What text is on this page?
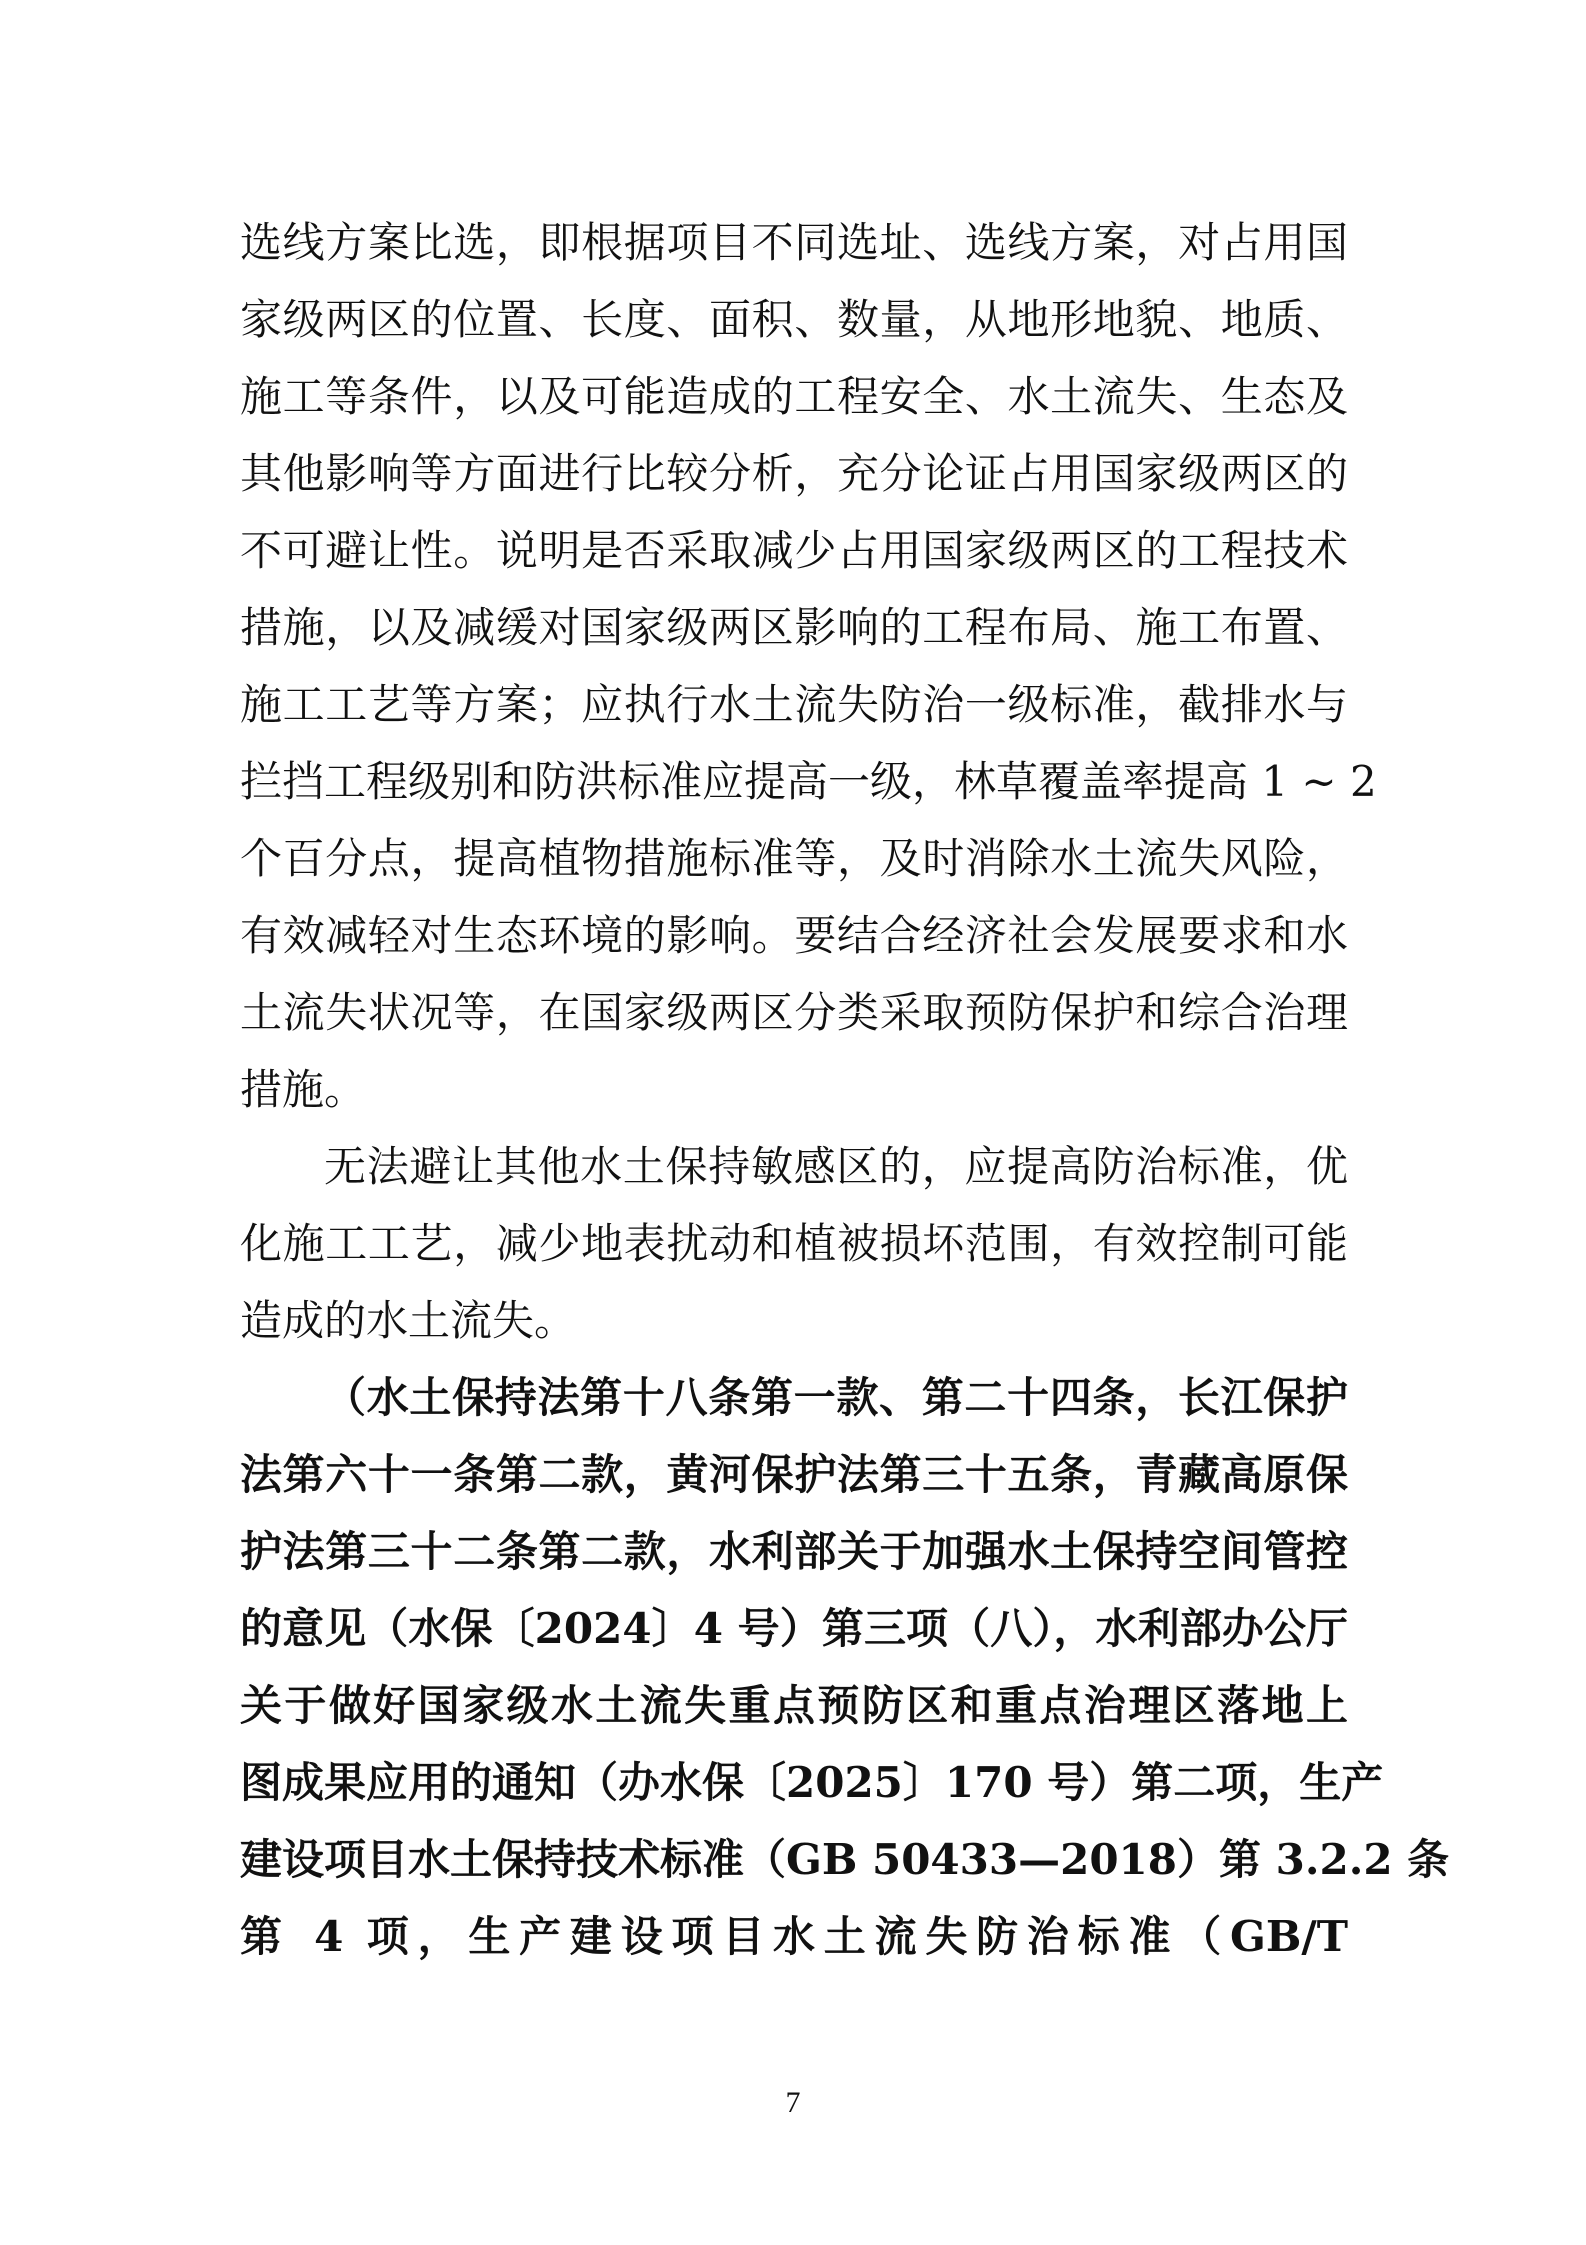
选线方案比选，即根据项目不同选址、选线方案，对占用国
家级两区的位置、长度、面积、数量，从地形地貌、地质、
施工等条件，以及可能造成的工程安全、水土流失、生态及
其他影响等方面进行比较分析，充分论证占用国家级两区的
不可避让性。说明是否采取减少占用国家级两区的工程技术
措施，以及减缓对国家级两区影响的工程布局、施工布置、
施工工艺等方案；应执行水土流失防治一级标准，截排水与
拦挡工程级别和防洪标准应提高一级，林草覆盖率提高 1 ~ 2
个百分点，提高植物措施标准等，及时消除水土流失风险，
有效减轻对生态环境的影响。要结合经济社会发展要求和水
土流失状况等，在国家级两区分类采取预防保护和综合治理
措施。
无法避让其他水土保持敏感区的，应提高防治标准，优
化施工工艺，减少地表扰动和植被损坏范围，有效控制可能
造成的水土流失。
（水土保持法第十八条第一款、第二十四条，长江保护
法第六十一条第二款，黄河保护法第三十五条，青藏高原保
护法第三十二条第二款，水利部关于加强水土保持空间管控
的意见（水保〔2024〕4 号）第三项（八），水利部办公厅
关于做好国家级水土流失重点预防区和重点治理区落地上
图成果应用的通知（办水保〔2025〕170 号）第二项，生产
建设项目水土保持技术标准（GB 50433—2018）第 3.2.2 条
第 4 项，生产建设项目水土流失防治标准（GB/T
7
